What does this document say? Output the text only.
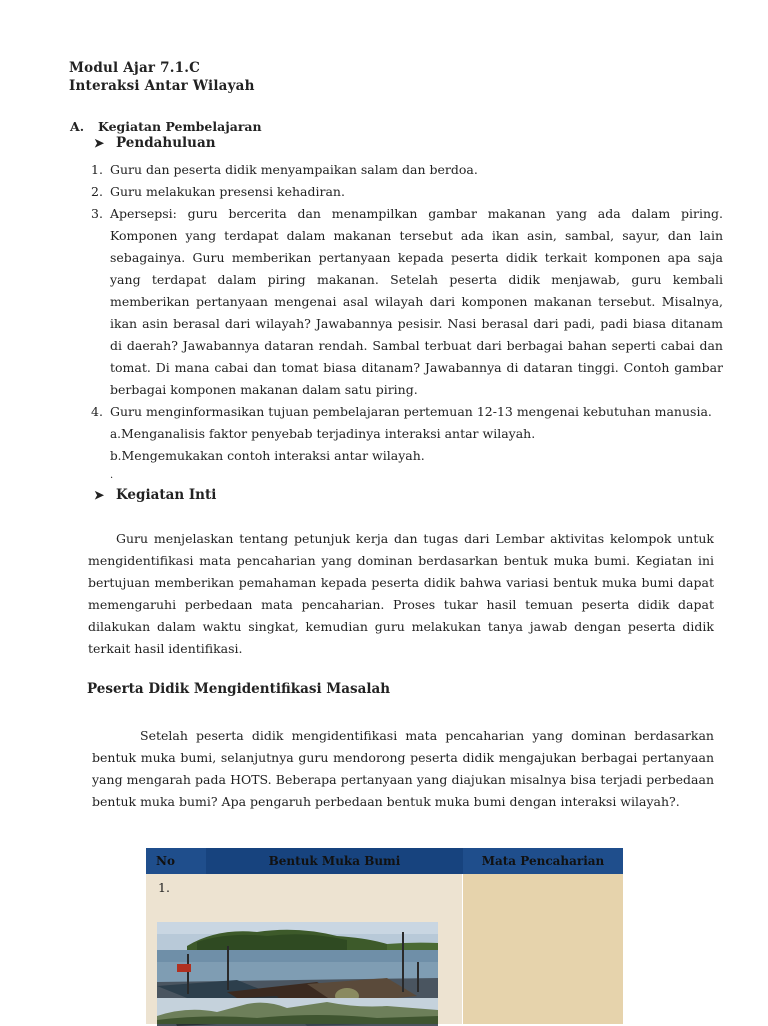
Modul Ajar 7.1.C
Interaksi Antar Wilayah
A. Kegiatan Pembelajaran
➤ Pendahuluan
1. Guru dan peserta didik menyampaikan salam dan berdoa.
2. Guru melakukan presensi kehadiran.
3. Apersepsi: guru bercerita dan menampilkan gambar makanan yang ada dalam piring. Komponen yang terdapat dalam makanan tersebut ada ikan asin, sambal, sayur, dan lain sebagainya. Guru memberikan pertanyaan kepada peserta didik terkait komponen apa saja yang terdapat dalam piring makanan. Setelah peserta didik menjawab, guru kembali memberikan pertanyaan mengenai asal wilayah dari komponen makanan tersebut. Misalnya, ikan asin berasal dari wilayah? Jawabannya pesisir. Nasi berasal dari padi, padi biasa ditanam di daerah? Jawabannya dataran rendah. Sambal terbuat dari berbagai bahan seperti cabai dan tomat. Di mana cabai dan tomat biasa ditanam? Jawabannya di dataran tinggi. Contoh gambar berbagai komponen makanan dalam satu piring.
4. Guru menginformasikan tujuan pembelajaran pertemuan 12-13 mengenai kebutuhan manusia.
a.Menganalisis faktor penyebab terjadinya interaksi antar wilayah.
b.Mengemukakan contoh interaksi antar wilayah.
.
➤ Kegiatan Inti
Guru menjelaskan tentang petunjuk kerja dan tugas dari Lembar aktivitas kelompok untuk mengidentifikasi mata pencaharian yang dominan berdasarkan bentuk muka bumi. Kegiatan ini bertujuan memberikan pemahaman kepada peserta didik bahwa variasi bentuk muka bumi dapat memengaruhi perbedaan mata pencaharian. Proses tukar hasil temuan peserta didik dapat dilakukan dalam waktu singkat, kemudian guru melakukan tanya jawab dengan peserta didik terkait hasil identifikasi.
Peserta Didik Mengidentifikasi Masalah
Setelah peserta didik mengidentifikasi mata pencaharian yang dominan berdasarkan bentuk muka bumi, selanjutnya guru mendorong peserta didik mengajukan berbagai pertanyaan yang mengarah pada HOTS. Beberapa pertanyaan yang diajukan misalnya bisa terjadi perbedaan bentuk muka bumi? Apa pengaruh perbedaan bentuk muka bumi dengan interaksi wilayah?.
No	Bentuk Muka Bumi	Mata Pencaharian
1.
